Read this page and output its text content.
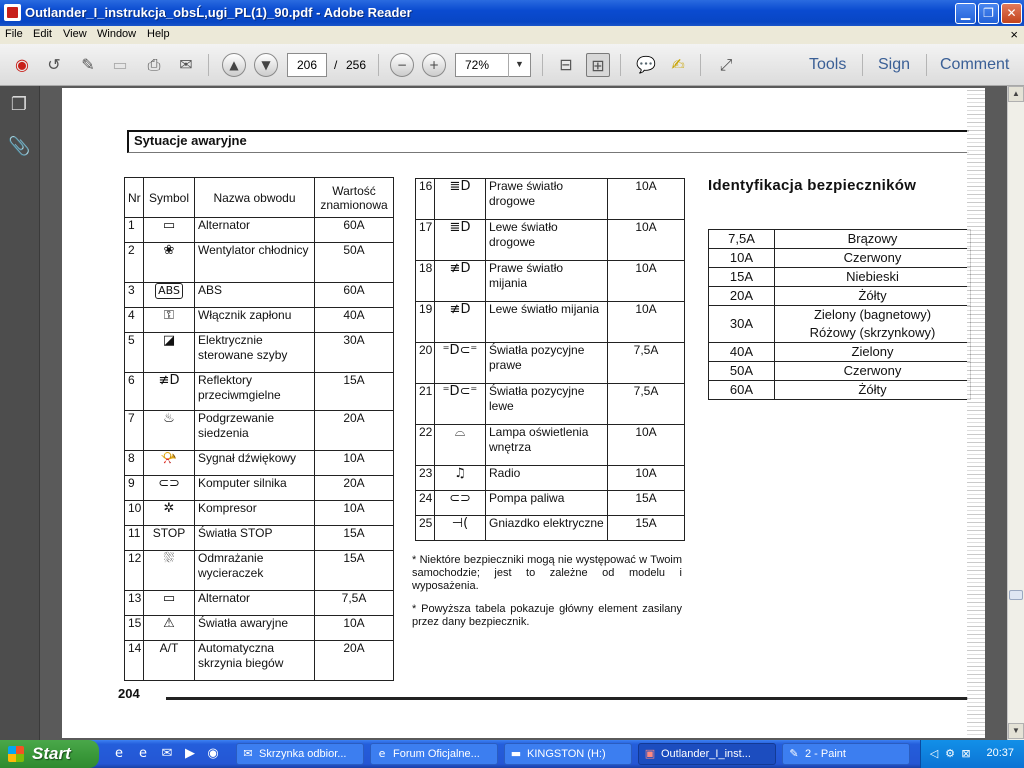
Outlander_I_instrukcja_obsĹ‚ugi_PL(1)_90.pdf - Adobe Reader	▁	❐	✕
File Edit View Window Help	×
◉	↺	✎	▭	⎙	✉	▲	▼	206	/ 256	−	+	72%	▼	⊟	⊞	💬 ✍	⤢	Tools Sign Comment
❐
📎	Sytuacje awaryjne
Nr	Symbol	Nazwa obwodu	Wartość znamionowa
1	▭	Alternator	60A
2	❀	Wentylator chłodnicy	50A
3	ABS	ABS	60A
4	⚿	Włącznik zapłonu	40A
5	◪	Elektrycznie sterowane szyby	30A
6	≢D	Reflektory przeciwmgielne	15A
7	♨	Podgrzewanie siedzenia	20A
8	📯	Sygnał dźwiękowy	10A
9	⊂⊃	Komputer silnika	20A
10	✲	Kompresor	10A
11	STOP	Światła STOP	15A
12	⛆	Odmrażanie wycieraczek	15A
13	▭	Alternator	7,5A
15	⚠	Światła awaryjne	10A
14	A/T	Automatyczna skrzynia biegów	20A
16	≣D	Prawe światło drogowe	10A
17	≣D	Lewe światło drogowe	10A
18	≢D	Prawe światło mijania	10A
19	≢D	Lewe światło mijania	10A
20	⁼D⊂⁼	Światła pozycyjne prawe	7,5A
21	⁼D⊂⁼	Światła pozycyjne lewe	7,5A
22	⌓	Lampa oświetlenia wnętrza	10A
23	♫	Radio	10A
24	⊂⊃	Pompa paliwa	15A
25	⊣(	Gniazdko elektryczne	15A

* Niektóre bezpieczniki mogą nie występować w Twoim samochodzie; jest to zależne od modelu i wyposażenia.

* Powyższa tabela pokazuje główny element zasilany przez dany bezpiecznik.

Identyfikacja bezpieczników
7,5A	Brązowy

10A	Czerwony

15A	Niebieski

20A	Żółty

30A	Zielony (bagnetowy)
Różowy (skrzynkowy)

40A	Zielony

50A	Czerwony

60A	Żółty
204
▲
▼
Start	e	e	✉ ▶ ◉ ✉ Skrzynka odbior...	e Forum Oficjalne...	▬ KINGSTON (H:)	▣ Outlander_I_inst...	✎ 2 - Paint	◁ ⚙ ⊠ 20:37
